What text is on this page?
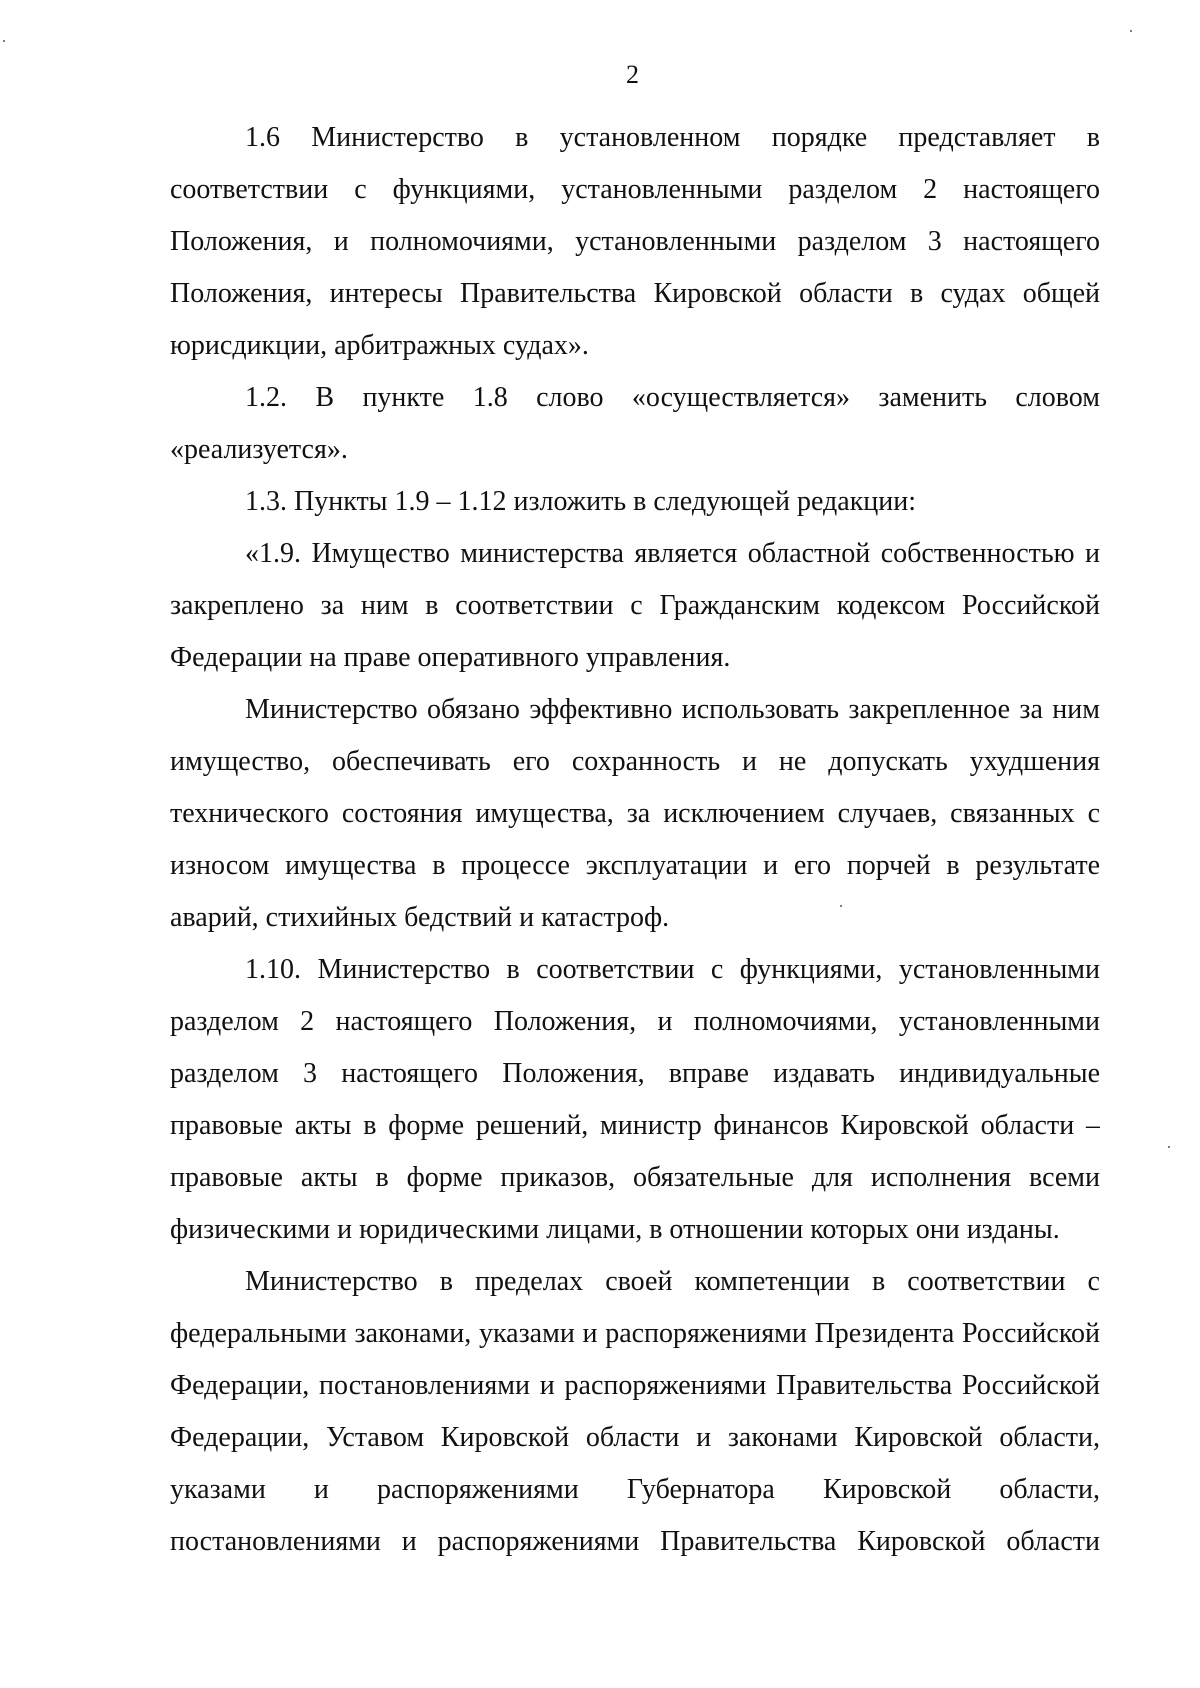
2
1.6 Министерство в установленном порядке представляет в
соответствии с функциями, установленными разделом 2 настоящего
Положения, и полномочиями, установленными разделом 3 настоящего
Положения, интересы Правительства Кировской области в судах общей
юрисдикции, арбитражных судах».
1.2. В пункте 1.8 слово «осуществляется» заменить словом
«реализуется».
1.3. Пункты 1.9 – 1.12 изложить в следующей редакции:
«1.9. Имущество министерства является областной собственностью и
закреплено за ним в соответствии с Гражданским кодексом Российской
Федерации на праве оперативного управления.
Министерство обязано эффективно использовать закрепленное за ним
имущество, обеспечивать его сохранность и не допускать ухудшения
технического состояния имущества, за исключением случаев, связанных с
износом имущества в процессе эксплуатации и его порчей в результате
аварий, стихийных бедствий и катастроф.
1.10. Министерство в соответствии с функциями, установленными
разделом 2 настоящего Положения, и полномочиями, установленными
разделом 3 настоящего Положения, вправе издавать индивидуальные
правовые акты в форме решений, министр финансов Кировской области –
правовые акты в форме приказов, обязательные для исполнения всеми
физическими и юридическими лицами, в отношении которых они изданы.
Министерство в пределах своей компетенции в соответствии с
федеральными законами, указами и распоряжениями Президента Российской
Федерации, постановлениями и распоряжениями Правительства Российской
Федерации, Уставом Кировской области и законами Кировской области,
указами и распоряжениями Губернатора Кировской области,
постановлениями и распоряжениями Правительства Кировской области
